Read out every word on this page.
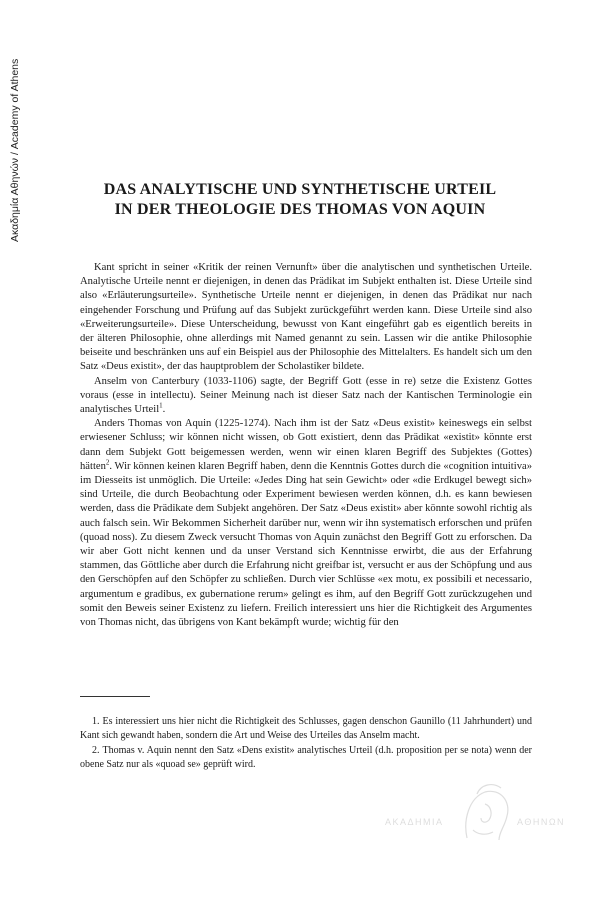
Ακαδημία Αθηνών / Academy of Athens	DAS ANALYTISCHE UND SYNTHETISCHE URTEIL
IN DER THEOLOGIE DES THOMAS VON AQUIN

Kant spricht in seiner «Kritik der reinen Vernunft» über die analytischen und synthetischen Urteile. Analytische Urteile nennt er diejenigen, in denen das Prädikat im Subjekt enthalten ist. Diese Urteile sind also «Erläuterungsurteile». Synthetische Urteile nennt er diejenigen, in denen das Prädikat nur nach eingehender Forschung und Prüfung auf das Subjekt zurückgeführt werden kann. Diese Urteile sind also «Erweiterungsurteile». Diese Unterscheidung, bewusst von Kant eingeführt gab es eigentlich bereits in der älteren Philosophie, ohne allerdings mit Named genannt zu sein. Lassen wir die antike Philosophie beiseite und beschränken uns auf ein Beispiel aus der Philosophie des Mittelalters. Es handelt sich um den Satz «Deus existit», der das hauptproblem der Scholastiker bildete.

Anselm von Canterbury (1033-1106) sagte, der Begriff Gott (esse in re) setze die Existenz Gottes voraus (esse in intellectu). Seiner Meinung nach ist dieser Satz nach der Kantischen Terminologie ein analytisches Urteil$^1$.

Anders Thomas von Aquin (1225-1274). Nach ihm ist der Satz «Deus existit» keineswegs ein selbst erwiesener Schluss; wir können nicht wissen, ob Gott existiert, denn das Prädikat «existit» könnte erst dann dem Subjekt Gott beigemessen werden, wenn wir einen klaren Begriff des Subjektes (Gottes) hätten$^2$. Wir können keinen klaren Begriff haben, denn die Kenntnis Gottes durch die «cognition intuitiva» im Diesseits ist unmöglich. Die Urteile: «Jedes Ding hat sein Gewicht» oder «die Erdkugel bewegt sich» sind Urteile, die durch Beobachtung oder Experiment bewiesen werden können, d.h. es kann bewiesen werden, dass die Prädikate dem Subjekt angehören. Der Satz «Deus existit» aber könnte sowohl richtig als auch falsch sein. Wir Bekommen Sicherheit darüber nur, wenn wir ihn systematisch erforschen und prüfen (quoad noss). Zu diesem Zweck versucht Thomas von Aquin zunächst den Begriff Gott zu erforschen. Da wir aber Gott nicht kennen und da unser Verstand sich Kenntnisse erwirbt, die aus der Erfahrung stammen, das Göttliche aber durch die Erfahrung nicht greifbar ist, versucht er aus der Schöpfung und aus den Gerschöpfen auf den Schöpfer zu schließen. Durch vier Schlüsse «ex motu, ex possibili et necessario, argumentum e gradibus, ex gubernatione rerum» gelingt es ihm, auf den Begriff Gott zurückzugehen und somit den Beweis seiner Existenz zu liefern. Freilich interessiert uns hier die Richtigkeit des Argumentes von Thomas nicht, das übrigens von Kant bekämpft wurde; wichtig für den

1. Es interessiert uns hier nicht die Richtigkeit des Schlusses, gagen denschon Gaunillo (11 Jahrhundert) und Kant sich gewandt haben, sondern die Art und Weise des Urteiles das Anselm macht.

2. Thomas v. Aquin nennt den Satz «Dens existit» analytisches Urteil (d.h. proposition per se nota) wenn der obene Satz nur als «quoad se» geprüft wird.

ΑΚΑΔΗΜΙΑ	ΑΘΗΝΩΝ
